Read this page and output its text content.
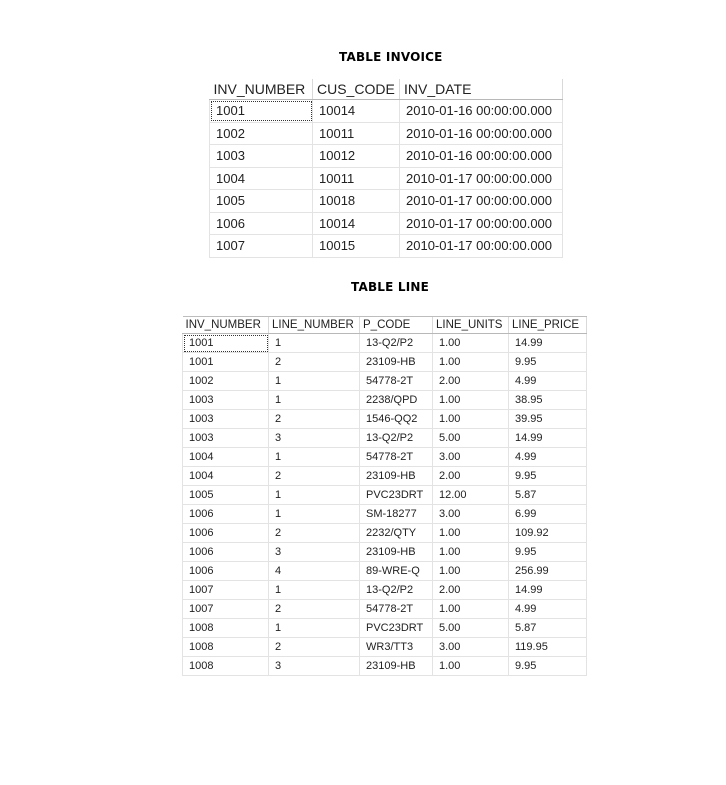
TABLE INVOICE
INV_NUMBER	CUS_CODE	INV_DATE
1001	10014	2010-01-16 00:00:00.000
1002	10011	2010-01-16 00:00:00.000
1003	10012	2010-01-16 00:00:00.000
1004	10011	2010-01-17 00:00:00.000
1005	10018	2010-01-17 00:00:00.000
1006	10014	2010-01-17 00:00:00.000
1007	10015	2010-01-17 00:00:00.000
TABLE LINE

INV_NUMBER	LINE_NUMBER	P_CODE	LINE_UNITS	LINE_PRICE
1001	1	13-Q2/P2	1.00	14.99
1001	2	23109-HB	1.00	9.95
1002	1	54778-2T	2.00	4.99
1003	1	2238/QPD	1.00	38.95
1003	2	1546-QQ2	1.00	39.95
1003	3	13-Q2/P2	5.00	14.99
1004	1	54778-2T	3.00	4.99
1004	2	23109-HB	2.00	9.95
1005	1	PVC23DRT	12.00	5.87
1006	1	SM-18277	3.00	6.99
1006	2	2232/QTY	1.00	109.92
1006	3	23109-HB	1.00	9.95
1006	4	89-WRE-Q	1.00	256.99
1007	1	13-Q2/P2	2.00	14.99
1007	2	54778-2T	1.00	4.99
1008	1	PVC23DRT	5.00	5.87
1008	2	WR3/TT3	3.00	119.95
1008	3	23109-HB	1.00	9.95
